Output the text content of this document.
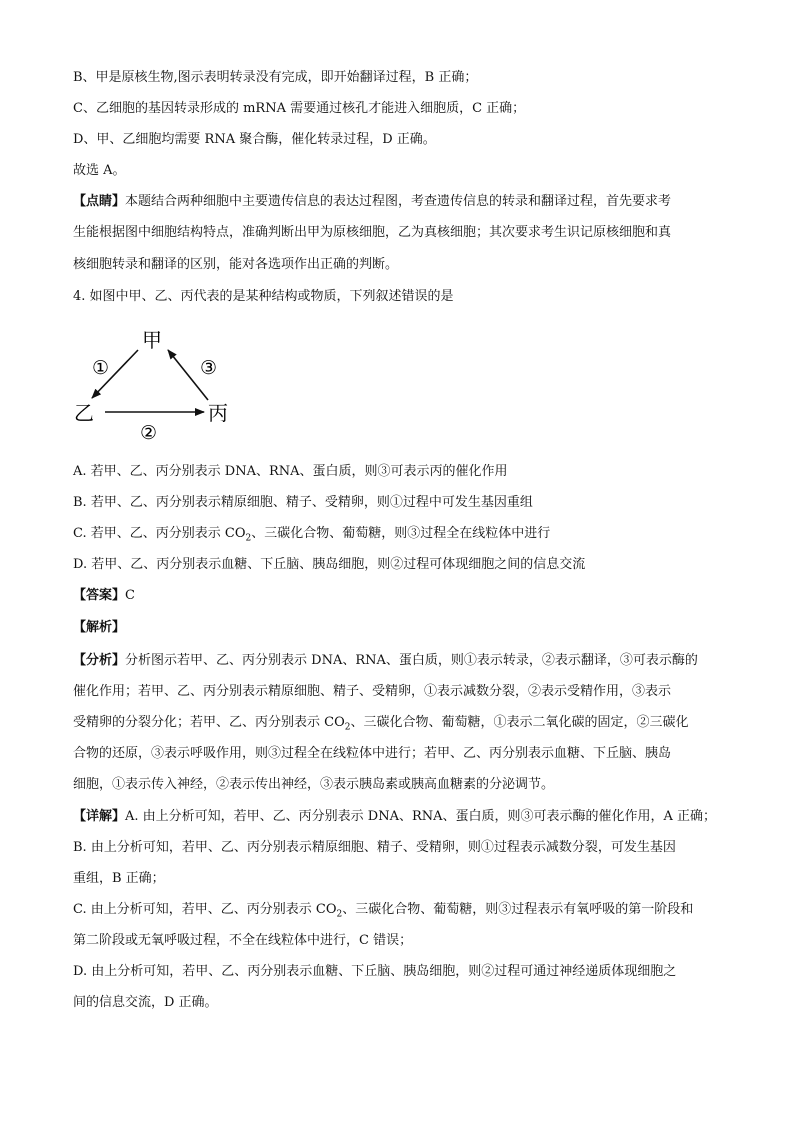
B、甲是原核生物,图示表明转录没有完成，即开始翻译过程，B 正确；
C、乙细胞的基因转录形成的 mRNA 需要通过核孔才能进入细胞质，C 正确；
D、甲、乙细胞均需要 RNA 聚合酶，催化转录过程，D 正确。
故选 A。
【点睛】本题结合两种细胞中主要遗传信息的表达过程图，考查遗传信息的转录和翻译过程，首先要求考
生能根据图中细胞结构特点，准确判断出甲为原核细胞，乙为真核细胞；其次要求考生识记原核细胞和真
核细胞转录和翻译的区别，能对各选项作出正确的判断。
4. 如图中甲、乙、丙代表的是某种结构或物质，下列叙述错误的是
甲
乙	丙
①
②
③
A. 若甲、乙、丙分别表示 DNA、RNA、蛋白质，则③可表示丙的催化作用
B. 若甲、乙、丙分别表示精原细胞、精子、受精卵，则①过程中可发生基因重组
C. 若甲、乙、丙分别表示 $CO_2$、三碳化合物、葡萄糖，则③过程全在线粒体中进行
D. 若甲、乙、丙分别表示血糖、下丘脑、胰岛细胞，则②过程可体现细胞之间的信息交流
【答案】C
【解析】
【分析】分析图示若甲、乙、丙分别表示 DNA、RNA、蛋白质，则①表示转录，②表示翻译，③可表示酶的
催化作用；若甲、乙、丙分别表示精原细胞、精子、受精卵，①表示减数分裂，②表示受精作用，③表示
受精卵的分裂分化；若甲、乙、丙分别表示 $CO_2$、三碳化合物、葡萄糖，①表示二氧化碳的固定，②三碳化
合物的还原，③表示呼吸作用，则③过程全在线粒体中进行；若甲、乙、丙分别表示血糖、下丘脑、胰岛
细胞，①表示传入神经，②表示传出神经，③表示胰岛素或胰高血糖素的分泌调节。
【详解】A. 由上分析可知，若甲、乙、丙分别表示 DNA、RNA、蛋白质，则③可表示酶的催化作用，A 正确；
B. 由上分析可知，若甲、乙、丙分别表示精原细胞、精子、受精卵，则①过程表示减数分裂，可发生基因
重组，B 正确；
C. 由上分析可知，若甲、乙、丙分别表示 $CO_2$、三碳化合物、葡萄糖，则③过程表示有氧呼吸的第一阶段和
第二阶段或无氧呼吸过程，不全在线粒体中进行，C 错误；
D. 由上分析可知，若甲、乙、丙分别表示血糖、下丘脑、胰岛细胞，则②过程可通过神经递质体现细胞之
间的信息交流，D 正确。
